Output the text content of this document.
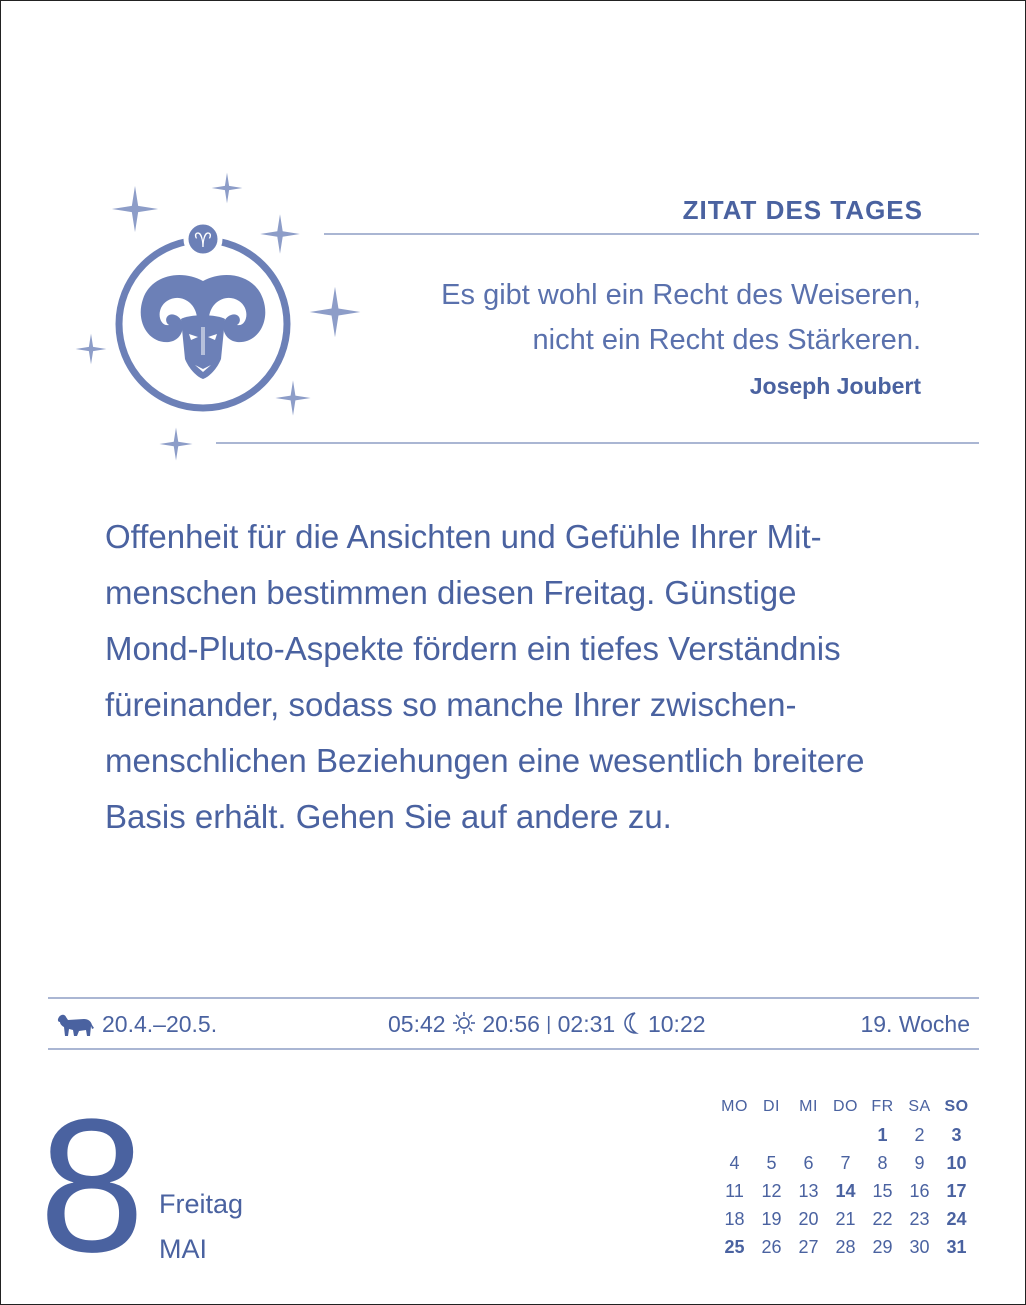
♈
ZITAT DES TAGES
Es gibt wohl ein Recht des Weiseren,
nicht ein Recht des Stärkeren.
Joseph Joubert

Offenheit für die Ansichten und Gefühle Ihrer Mit-

menschen bestimmen diesen Freitag. Günstige

Mond-Pluto-Aspekte fördern ein tiefes Verständnis

füreinander, sodass so manche Ihrer zwischen-

menschlichen Beziehungen eine wesentlich breitere

Basis erhält. Gehen Sie auf andere zu.

20.4.–20.5.	05:42 20:56 | 02:31 10:22	19. Woche
8 Freitag
MAI
MO	DI	MI	DO	FR	SA	SO
				1	2	3
4	5	6	7	8	9	10
11	12	13	14	15	16	17
18	19	20	21	22	23	24
25	26	27	28	29	30	31
